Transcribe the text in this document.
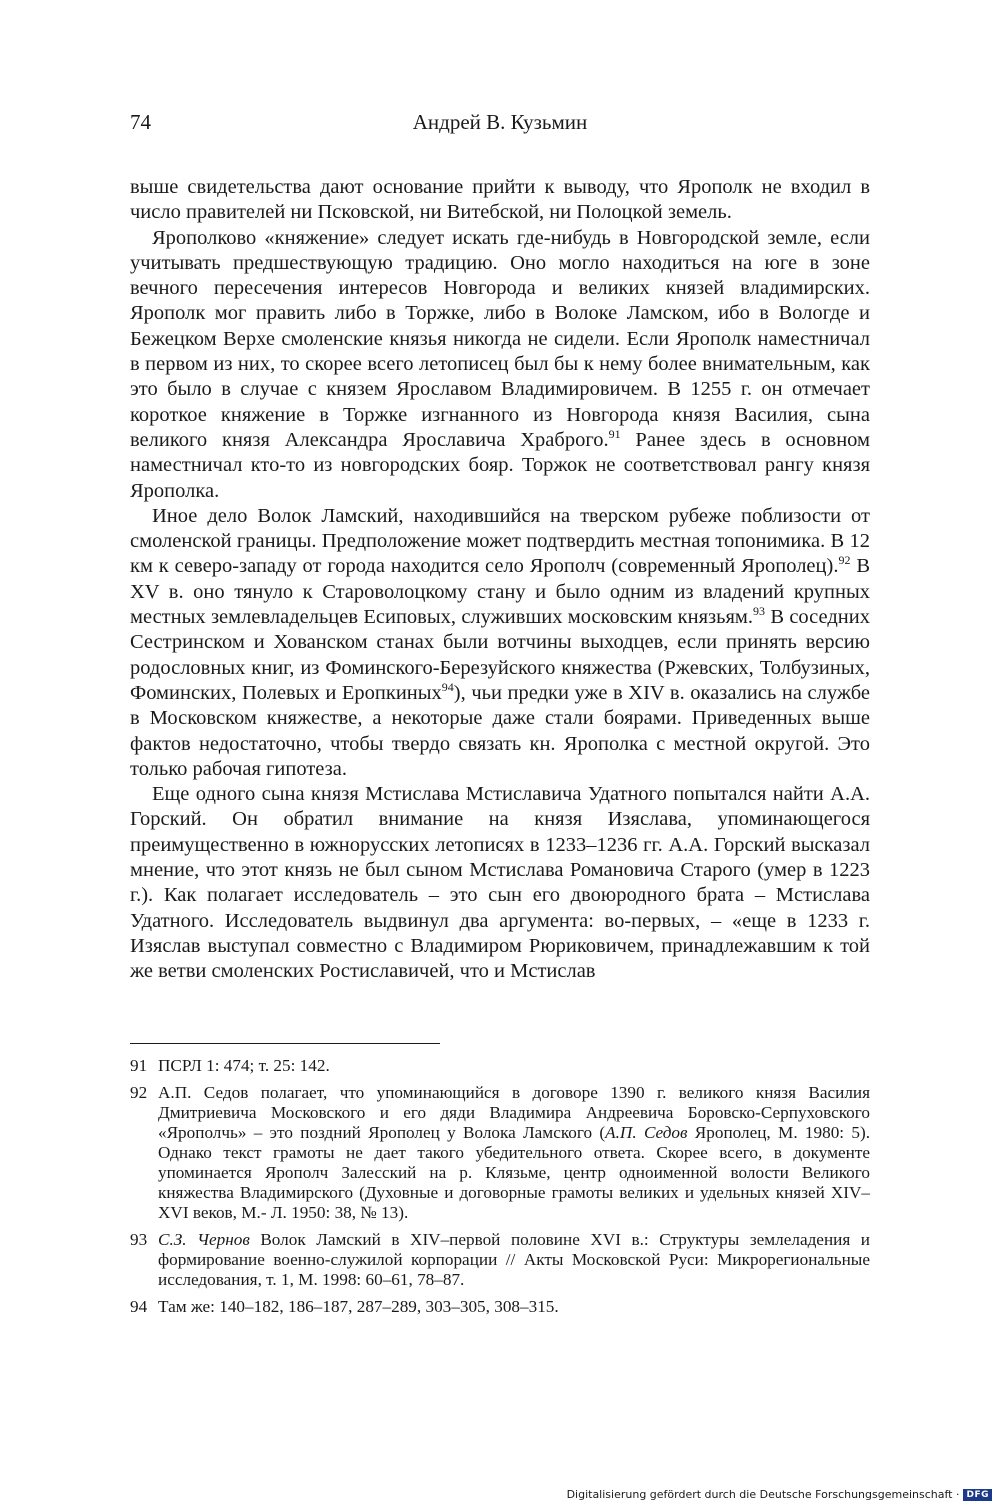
74	Андрей В. Кузьмин

выше свидетельства дают основание прийти к выводу, что Ярополк не входил в число правителей ни Псковской, ни Витебской, ни Полоцкой земель.

Ярополково «княжение» следует искать где-нибудь в Новгородской земле, если учитывать предшествующую традицию. Оно могло находиться на юге в зоне вечного пересечения интересов Новгорода и великих князей владимирских. Ярополк мог править либо в Торжке, либо в Волоке Ламском, ибо в Вологде и Бежецком Верхе смоленские князья никогда не сидели. Если Ярополк наместничал в первом из них, то скорее всего летописец был бы к нему более внимательным, как это было в случае с князем Ярославом Владимировичем. В 1255 г. он отмечает короткое княжение в Торжке изгнанного из Новгорода князя Василия, сына великого князя Александра Ярославича Храброго.$^{91}$ Ранее здесь в основном наместничал кто-то из новгородских бояр. Торжок не соответствовал рангу князя Ярополка.

Иное дело Волок Ламский, находившийся на тверском рубеже поблизости от смоленской границы. Предположение может подтвердить местная топонимика. В 12 км к северо-западу от города находится село Ярополч (современный Ярополец).$^{92}$ В XV в. оно тянуло к Староволоцкому стану и было одним из владений крупных местных землевладельцев Есиповых, служивших московским князьям.$^{93}$ В соседних Сестринском и Хованском станах были вотчины выходцев, если принять версию родословных книг, из Фоминского-Березуйского княжества (Ржевских, Толбузиных, Фоминских, Полевых и Еропкиных$^{94}$), чьи предки уже в XIV в. оказались на службе в Московском княжестве, а некоторые даже стали боярами. Приведенных выше фактов недостаточно, чтобы твердо связать кн. Ярополка с местной округой. Это только рабочая гипотеза.

Еще одного сына князя Мстислава Мстиславича Удатного попытался найти А.А. Горский. Он обратил внимание на князя Изяслава, упоминающегося преимущественно в южнорусских летописях в 1233–1236 гг. А.А. Горский высказал мнение, что этот князь не был сыном Мстислава Романовича Старого (умер в 1223 г.). Как полагает исследователь – это сын его двоюродного брата – Мстислава Удатного. Исследователь выдвинул два аргумента: во-первых, – «еще в 1233 г. Изяслав выступал совместно с Владимиром Рюриковичем, принадлежавшим к той же ветви смоленских Ростиславичей, что и Мстислав

91 ПСРЛ 1: 474; т. 25: 142.
92 А.П. Седов полагает, что упоминающийся в договоре 1390 г. великого князя Василия Дмитриевича Московского и его дяди Владимира Андреевича Боровско-Серпуховского «Ярополчь» – это поздний Ярополец у Волока Ламского (А.П. Седов Ярополец, М. 1980: 5). Однако текст грамоты не дает такого убедительного ответа. Скорее всего, в документе упоминается Ярополч Залесский на р. Клязьме, центр одноименной волости Великого княжества Владимирского (Духовные и договорные грамоты великих и удельных князей XIV–XVI веков, М.- Л. 1950: 38, № 13).
93 С.З. Чернов Волок Ламский в XIV–первой половине XVI в.: Структуры землеладения и формирование военно-служилой корпорации // Акты Московской Руси: Микрорегиональные исследования, т. 1, М. 1998: 60–61, 78–87.
94 Там же: 140–182, 186–187, 287–289, 303–305, 308–315.
Digitalisierung gefördert durch die Deutsche Forschungsgemeinschaft · DFG
